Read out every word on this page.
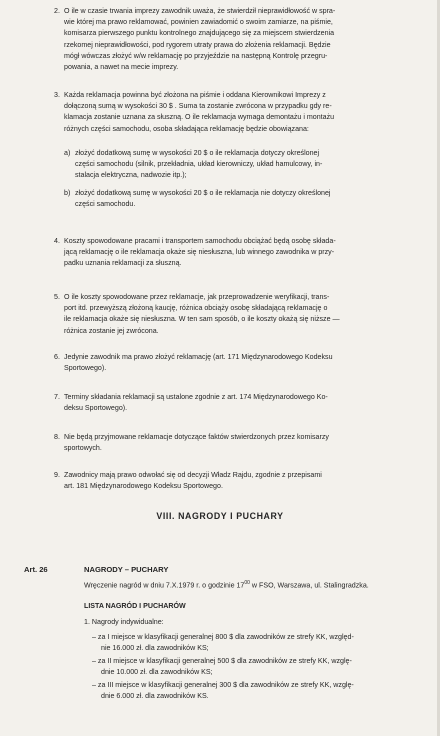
2. O ile w czasie trwania imprezy zawodnik uważa, że stwierdził nieprawidłowość w spra-
wie której ma prawo reklamować, powinien zawiadomić o swoim zamiarze, na piśmie,
komisarza pierwszego punktu kontrolnego znajdującego się za miejscem stwierdzenia
rzekomej nieprawidłowości, pod rygorem utraty prawa do złożenia reklamacji. Będzie
mógł wówczas złożyć w/w reklamację po przyjeździe na następną Kontrolę przegru-
powania, a nawet na mecie imprezy.
3. Każda reklamacja powinna być złożona na piśmie i oddana Kierownikowi Imprezy z
dołączoną sumą w wysokości 30 $ . Suma ta zostanie zwrócona w przypadku gdy re-
klamacja zostanie uznana za słuszną. O ile reklamacja wymaga demontażu i montażu
różnych części samochodu, osoba składająca reklamację będzie obowiązana:
a) złożyć dodatkową sumę w wysokości 20 $ o ile reklamacja dotyczy określonej
części samochodu (silnik, przekładnia, układ kierowniczy, układ hamulcowy, in-
stalacja elektryczna, nadwozie itp.);
b) złożyć dodatkową sumę w wysokości 20 $ o ile reklamacja nie dotyczy określonej
części samochodu.
4. Koszty spowodowane pracami i transportem samochodu obciążać będą osobę składa-
jącą reklamację o ile reklamacja okaże się niesłuszna, lub winnego zawodnika w przy-
padku uznania reklamacji za słuszną.
5. O ile koszty spowodowane przez reklamacje, jak przeprowadzenie weryfikacji, trans-
port itd. przewyższą złożoną kaucję, różnica obciąży osobę składającą reklamację o
ile reklamacja okaże się niesłuszna. W ten sam sposób, o ile koszty okażą się niższe —
różnica zostanie jej zwrócona.
6. Jedynie zawodnik ma prawo złożyć reklamację (art. 171 Międzynarodowego Kodeksu
Sportowego).
7. Terminy składania reklamacji są ustalone zgodnie z art. 174 Międzynarodowego Ko-
deksu Sportowego).
8. Nie będą przyjmowane reklamacje dotyczące faktów stwierdzonych przez komisarzy
sportowych.
9. Zawodnicy mają prawo odwołać się od decyzji Władz Rajdu, zgodnie z przepisami
art. 181 Międzynarodowego Kodeksu Sportowego.
VIII. NAGRODY I PUCHARY
Art. 26	NAGRODY – PUCHARY
Wręczenie nagród w dniu 7.X.1979 r. o godzinie $17^{00}$ w FSO, Warszawa, ul. Stalingradzka.
LISTA NAGRÓD I PUCHARÓW
1. Nagrody indywidualne:
– za I miejsce w klasyfikacji generalnej 800 $ dla zawodników ze strefy KK, względ-
nie 16.000 zł. dla zawodników KS;
– za II miejsce w klasyfikacji generalnej 500 $ dla zawodników ze strefy KK, wzglę-
dnie 10.000 zł. dla zawodników KS;
– za III miejsce w klasyfikacji generalnej 300 $ dla zawodników ze strefy KK, wzglę-
dnie 6.000 zł. dla zawodników KS.
